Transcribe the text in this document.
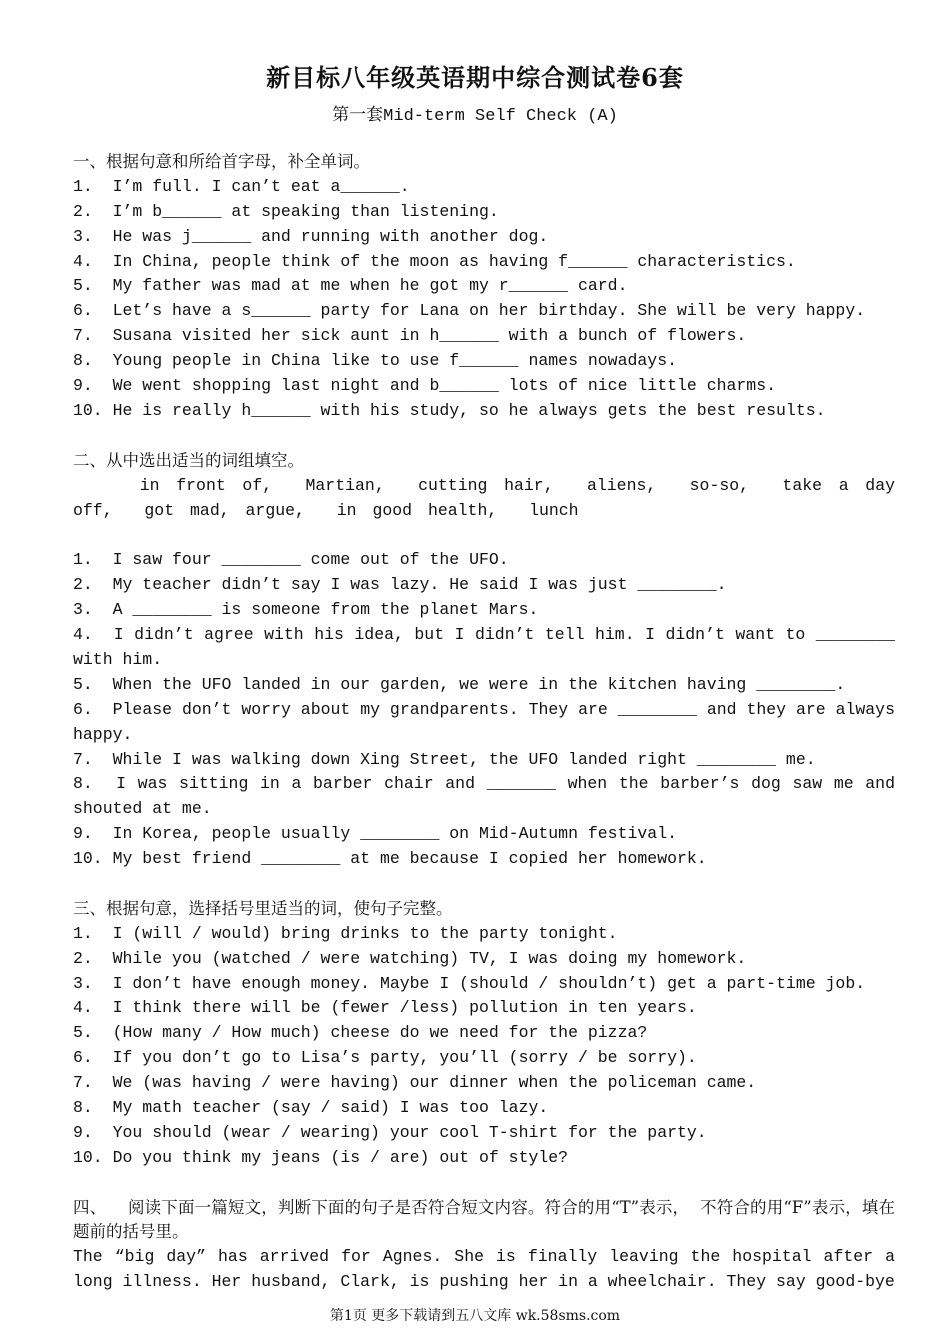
新目标八年级英语期中综合测试卷6套
第一套Mid-term Self Check (A)
一、根据句意和所给首字母，补全单词。
1.  I’m full. I can’t eat a______.
2.  I’m b______ at speaking than listening.
3.  He was j______ and running with another dog.
4.  In China, people think of the moon as having f______ characteristics.
5.  My father was mad at me when he got my r______ card.
6.  Let’s have a s______ party for Lana on her birthday. She will be very happy.
7.  Susana visited her sick aunt in h______ with a bunch of flowers.
8.  Young people in China like to use f______ names nowadays.
9.  We went shopping last night and b______ lots of nice little charms.
10. He is really h______ with his study, so he always gets the best results.
二、从中选出适当的词组填空。
in front of,  Martian,  cutting hair,  aliens,  so-so,  take a day off,  got mad, argue,  in good health,  lunch
1.  I saw four ________ come out of the UFO.
2.  My teacher didn’t say I was lazy. He said I was just ________.
3.  A ________ is someone from the planet Mars.
4.  I didn’t agree with his idea, but I didn’t tell him. I didn’t want to ________ with him.
5.  When the UFO landed in our garden, we were in the kitchen having ________.
6.  Please don’t worry about my grandparents. They are ________ and they are always happy.
7.  While I was walking down Xing Street, the UFO landed right ________ me.
8.  I was sitting in a barber chair and _______ when the barber’s dog saw me and shouted at me.
9.  In Korea, people usually ________ on Mid-Autumn festival.
10. My best friend ________ at me because I copied her homework.
三、根据句意，选择括号里适当的词，使句子完整。
1.  I (will / would) bring drinks to the party tonight.
2.  While you (watched / were watching) TV, I was doing my homework.
3.  I don’t have enough money. Maybe I (should / shouldn’t) get a part-time job.
4.  I think there will be (fewer /less) pollution in ten years.
5.  (How many / How much) cheese do we need for the pizza?
6.  If you don’t go to Lisa’s party, you’ll (sorry / be sorry).
7.  We (was having / were having) our dinner when the policeman came.
8.  My math teacher (say / said) I was too lazy.
9.  You should (wear / wearing) your cool T-shirt for the party.
10. Do you think my jeans (is / are) out of style?
四、    阅读下面一篇短文，判断下面的句子是否符合短文内容。符合的用“T”表示，  不符合的用“F”表示，填在题前的括号里。
The “big day” has arrived for Agnes. She is finally leaving the hospital after a long illness. Her husband, Clark, is pushing her in a wheelchair. They say good-bye
第1页 更多下载请到五八文库 wk.58sms.com
